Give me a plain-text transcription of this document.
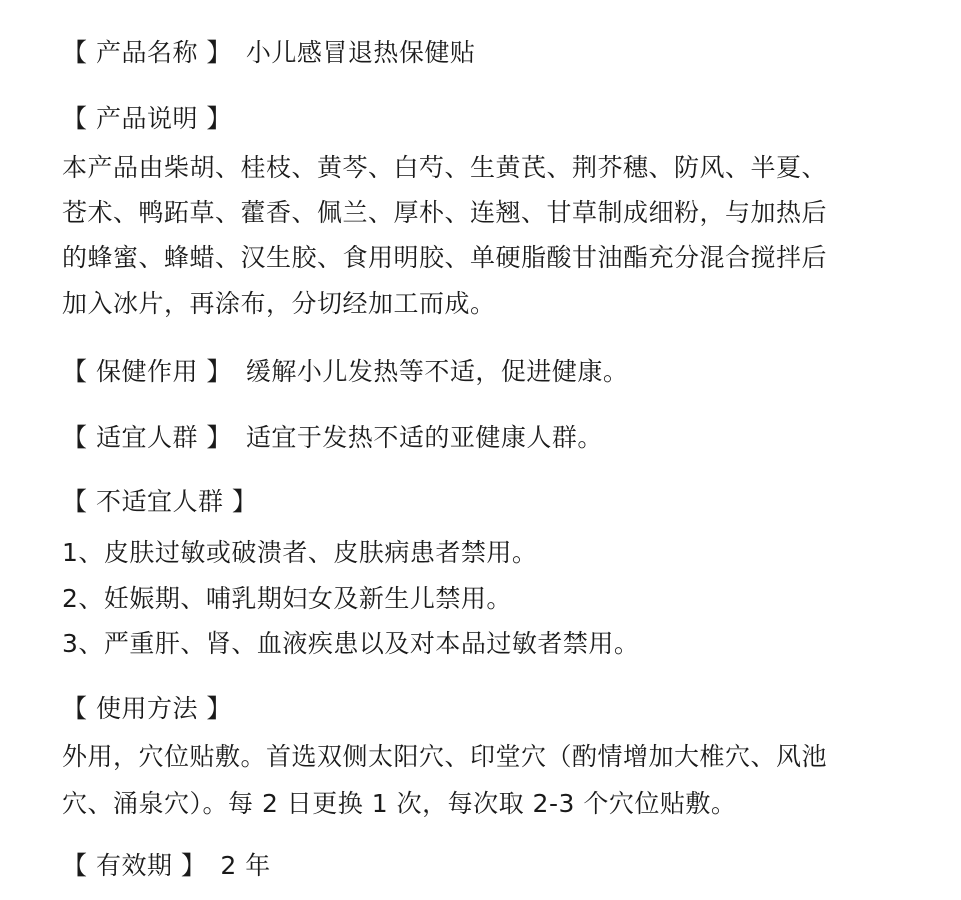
【 产品名称 】 小儿感冒退热保健贴
【 产品说明 】
本产品由柴胡、桂枝、黄芩、白芍、生黄芪、荆芥穗、防风、半夏、
苍术、鸭跖草、藿香、佩兰、厚朴、连翘、甘草制成细粉，与加热后
的蜂蜜、蜂蜡、汉生胶、食用明胶、单硬脂酸甘油酯充分混合搅拌后
加入冰片，再涂布，分切经加工而成。
【 保健作用 】 缓解小儿发热等不适，促进健康。
【 适宜人群 】 适宜于发热不适的亚健康人群。
【 不适宜人群 】
1、皮肤过敏或破溃者、皮肤病患者禁用。
2、妊娠期、哺乳期妇女及新生儿禁用。
3、严重肝、肾、血液疾患以及对本品过敏者禁用。
【 使用方法 】
外用，穴位贴敷。首选双侧太阳穴、印堂穴（酌情增加大椎穴、风池
穴、涌泉穴）。每 2 日更换 1 次，每次取 2-3 个穴位贴敷。
【 有效期 】 2 年
